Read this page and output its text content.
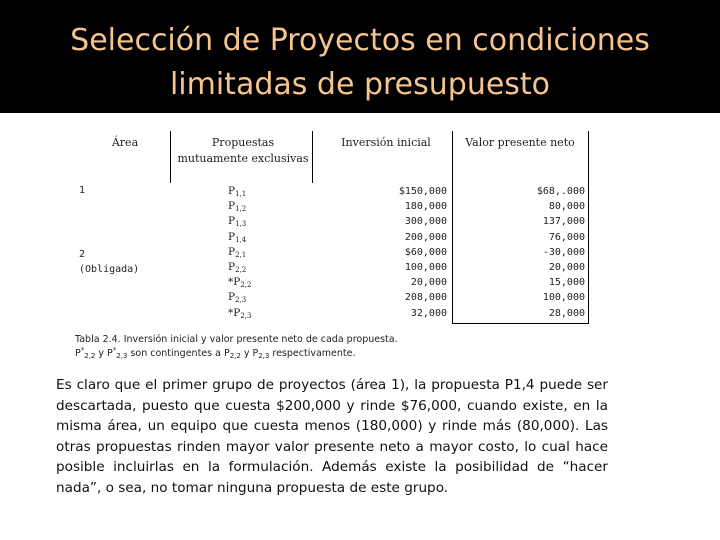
Selección de Proyectos en condiciones
limitadas de presupuesto
Área	Propuestas
mutuamente exclusivas
Inversión inicial	Valor presente neto
1
2
(Obligada)
$P_{1,1}$
$P_{1,2}$
$P_{1,3}$
$P_{1,4}$
$P_{2,1}$
$P_{2,2}$
$*P_{2,2}$
$P_{2,3}$
$*P_{2,3}$
$150,000
180,000
300,000
200,000
$60,000
100,000
20,000
208,000
32,000
$68,.000
80,000
137,000
76,000
-30,000
20,000
15,000
100,000
28,000
Tabla 2.4. Inversión inicial y valor presente neto de cada propuesta.
$P^*_{2,2}$ y $P^*_{2,3}$ son contingentes a $P_{2,2}$ y $P_{2,3}$ respectivamente.
Es claro que el primer grupo de proyectos (área 1), la propuesta P1,4 puede ser descartada, puesto que cuesta $200,000 y rinde $76,000, cuando existe, en la misma área, un equipo que cuesta menos (180,000) y rinde más (80,000). Las otras propuestas rinden mayor valor presente neto a mayor costo, lo cual hace posible incluirlas en la formulación. Además existe la posibilidad de “hacer nada”, o sea, no tomar ninguna propuesta de este grupo.
